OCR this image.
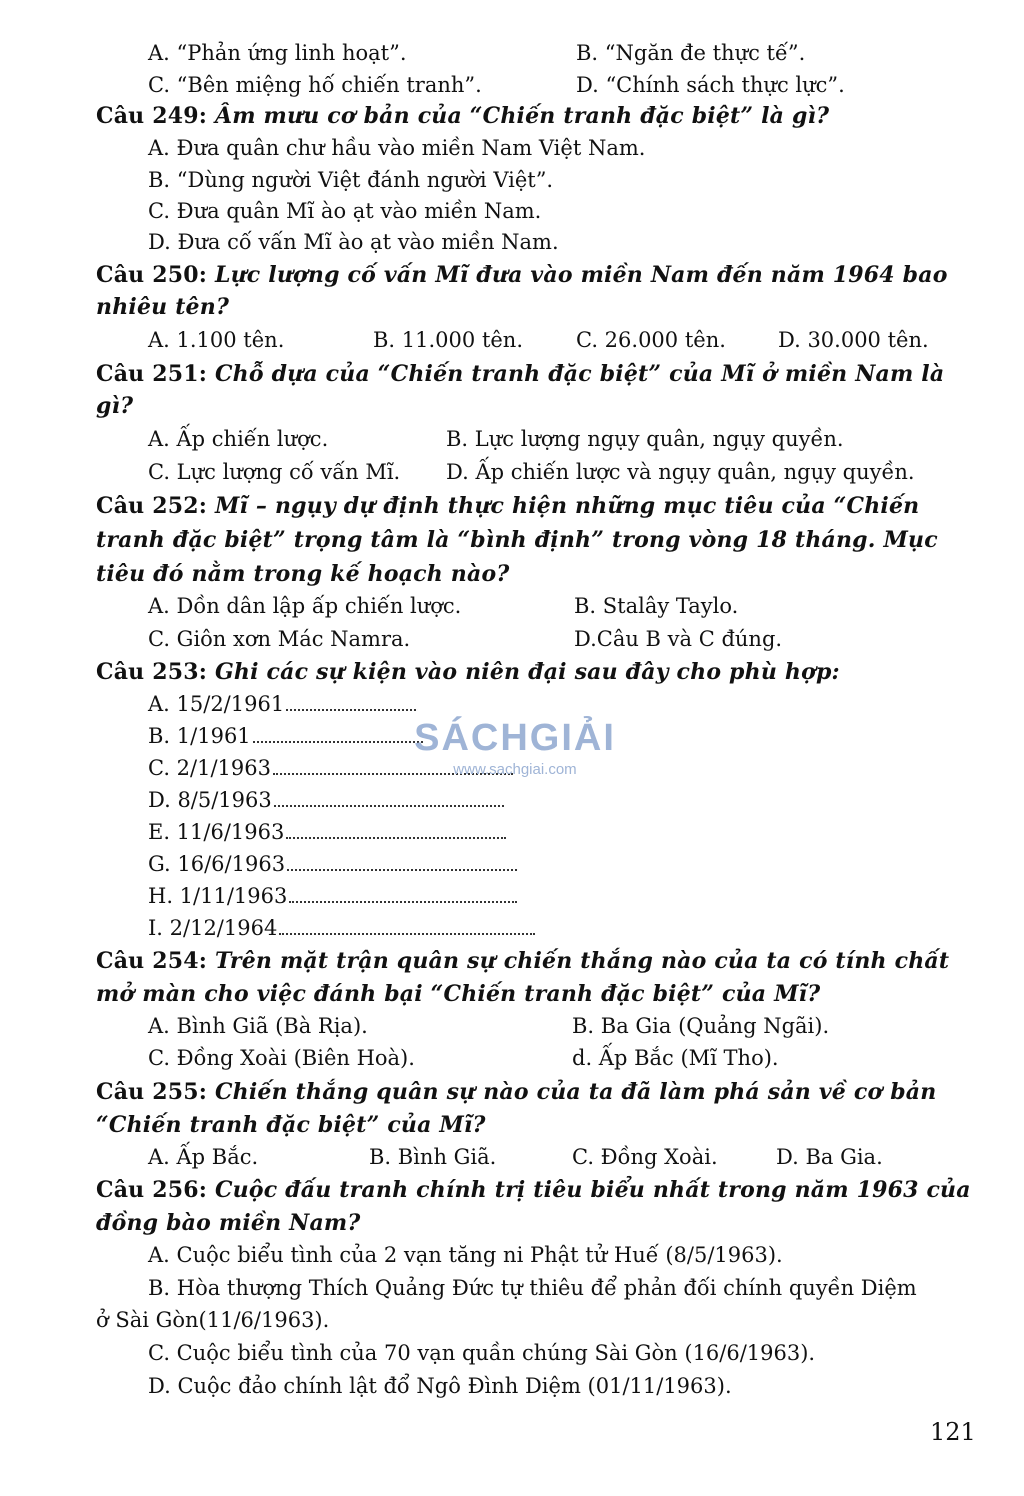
A. “Phản ứng linh hoạt”.	B. “Ngăn đe thực tế”.
C. “Bên miệng hố chiến tranh”.	D. “Chính sách thực lực”.
Câu 249: Âm mưu cơ bản của “Chiến tranh đặc biệt” là gì?
A. Đưa quân chư hầu vào miền Nam Việt Nam.
B. “Dùng người Việt đánh người Việt”.
C. Đưa quân Mĩ ào ạt vào miền Nam.
D. Đưa cố vấn Mĩ ào ạt vào miền Nam.
Câu 250: Lực lượng cố vấn Mĩ đưa vào miền Nam đến năm 1964 bao
nhiêu tên?
A. 1.100 tên.	B. 11.000 tên.	C. 26.000 tên. D. 30.000 tên.
Câu 251: Chỗ dựa của “Chiến tranh đặc biệt” của Mĩ ở miền Nam là
gì?
A. Ấp chiến lược.	B. Lực lượng ngụy quân, ngụy quyền.
C. Lực lượng cố vấn Mĩ. D. Ấp chiến lược và ngụy quân, ngụy quyền.
Câu 252: Mĩ – ngụy dự định thực hiện những mục tiêu của “Chiến
tranh đặc biệt” trọng tâm là “bình định” trong vòng 18 tháng. Mục
tiêu đó nằm trong kế hoạch nào?
A. Dồn dân lập ấp chiến lược.	B. Stalây Taylo.
C. Giôn xơn Mác Namra.	D.Câu B và C đúng.
Câu 253: Ghi các sự kiện vào niên đại sau đây cho phù hợp:
A. 15/2/1961
B. 1/1961
C. 2/1/1963
D. 8/5/1963
E. 11/6/1963
G. 16/6/1963
H. 1/11/1963
I. 2/12/1964
SÁCHGIẢI
www.sachgiai.com
Câu 254: Trên mặt trận quân sự chiến thắng nào của ta có tính chất
mở màn cho việc đánh bại “Chiến tranh đặc biệt” của Mĩ?
A. Bình Giã (Bà Rịa).	B. Ba Gia (Quảng Ngãi).
C. Đồng Xoài (Biên Hoà).	d. Ấp Bắc (Mĩ Tho).
Câu 255: Chiến thắng quân sự nào của ta đã làm phá sản về cơ bản
“Chiến tranh đặc biệt” của Mĩ?
A. Ấp Bắc.	B. Bình Giã.	C. Đồng Xoài.	D. Ba Gia.
Câu 256: Cuộc đấu tranh chính trị tiêu biểu nhất trong năm 1963 của
đồng bào miền Nam?
A. Cuộc biểu tình của 2 vạn tăng ni Phật tử Huế (8/5/1963).
B. Hòa thượng Thích Quảng Đức tự thiêu để phản đối chính quyền Diệm
ở Sài Gòn(11/6/1963).
C. Cuộc biểu tình của 70 vạn quần chúng Sài Gòn (16/6/1963).
D. Cuộc đảo chính lật đổ Ngô Đình Diệm (01/11/1963).
121
